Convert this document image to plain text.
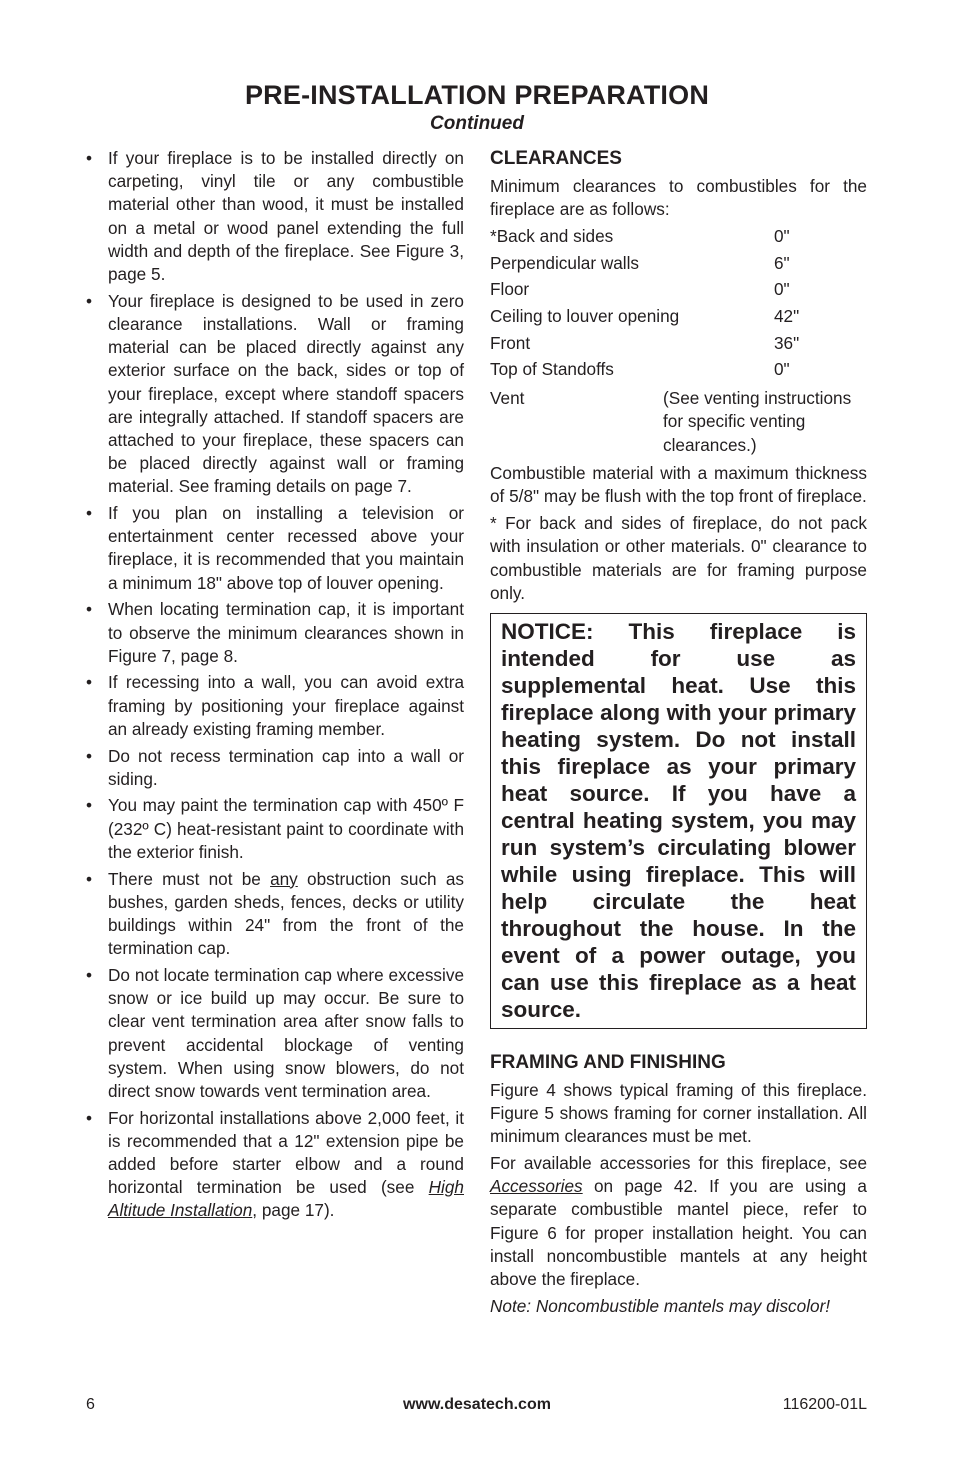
PRE-INSTALLATION PREPARATION
Continued
• If your fireplace is to be installed directly on carpeting, vinyl tile or any combustible material other than wood, it must be installed on a metal or wood panel extending the full width and depth of the fireplace. See Figure 3, page 5.
• Your fireplace is designed to be used in zero clearance installations. Wall or framing material can be placed directly against any exterior surface on the back, sides or top of your fireplace, except where standoff spacers are integrally attached. If standoff spacers are attached to your fireplace, these spacers can be placed directly against wall or framing material. See framing details on page 7.
• If you plan on installing a television or entertainment center recessed above your fireplace, it is recommended that you maintain a minimum 18" above top of louver opening.
• When locating termination cap, it is important to observe the minimum clearances shown in Figure 7, page 8.
• If recessing into a wall, you can avoid extra framing by positioning your fireplace against an already existing framing member.
• Do not recess termination cap into a wall or siding.
• You may paint the termination cap with 450º F (232º C) heat-resistant paint to coordinate with the exterior finish.
• There must not be any obstruction such as bushes, garden sheds, fences, decks or utility buildings within 24" from the front of the termination cap.
• Do not locate termination cap where excessive snow or ice build up may occur. Be sure to clear vent termination area after snow falls to prevent accidental blockage of venting system. When using snow blowers, do not direct snow towards vent termination area.
• For horizontal installations above 2,000 feet, it is recommended that a 12" extension pipe be added before starter elbow and a round horizontal termination be used (see High Altitude Installation, page 17).
CLEARANCES

Minimum clearances to combustibles for the fireplace are as follows:

*Back and sides	0"
Perpendicular walls	6"
Floor	0"
Ceiling to louver opening	42"
Front	36"
Top of Standoffs	0"
Vent	(See venting instructions for specific venting clearances.)

Combustible material with a maximum thickness of 5/8" may be flush with the top front of fireplace.

* For back and sides of fireplace, do not pack with insulation or other materials. 0" clearance to combustible materials are for framing purpose only.

NOTICE: This fireplace is intended for use as supplemental heat. Use this fireplace along with your primary heating system. Do not install this fireplace as your primary heat source. If you have a central heating system, you may run system’s circulating blower while using fireplace. This will help circulate the heat throughout the house. In the event of a power outage, you can use this fireplace as a heat source.
FRAMING AND FINISHING

Figure 4 shows typical framing of this fireplace. Figure 5 shows framing for corner installation. All minimum clearances must be met.

For available accessories for this fireplace, see Accessories on page 42. If you are using a separate combustible mantel piece, refer to Figure 6 for proper installation height. You can install noncombustible mantels at any height above the fireplace.

Note: Noncombustible mantels may discolor!

6	www.desatech.com	116200-01L
